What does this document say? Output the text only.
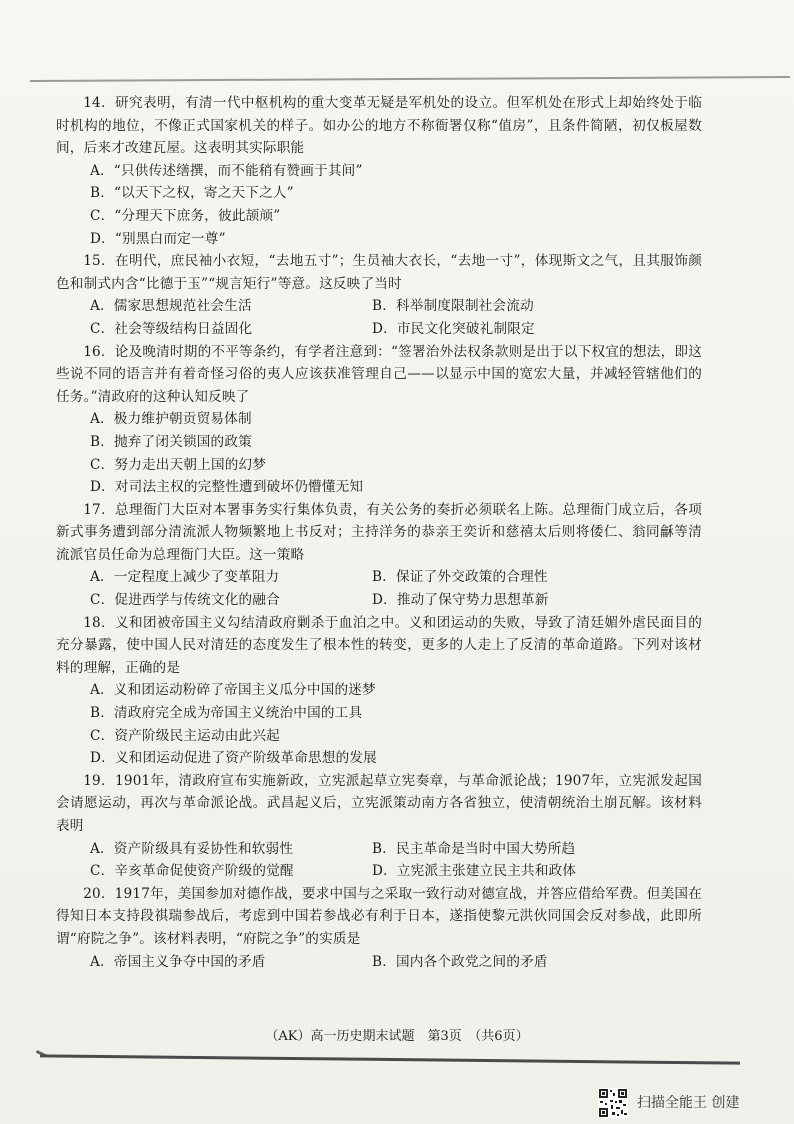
14．研究表明，有清一代中枢机构的重大变革无疑是军机处的设立。但军机处在形式上却始终处于临时机构的地位，不像正式国家机关的样子。如办公的地方不称衙署仅称“值房”，且条件简陋，初仅板屋数间，后来才改建瓦屋。这表明其实际职能
A．“只供传述缮撰，而不能稍有赞画于其间”
B．“以天下之权，寄之天下之人”
C．“分理天下庶务，彼此颉颃”
D．“别黑白而定一尊”
15．在明代，庶民袖小衣短，“去地五寸”；生员袖大衣长，“去地一寸”，体现斯文之气，且其服饰颜色和制式内含“比德于玉”“规言矩行”等意。这反映了当时
A．儒家思想规范社会生活	B．科举制度限制社会流动
C．社会等级结构日益固化	D．市民文化突破礼制限定
16．论及晚清时期的不平等条约，有学者注意到：“签署治外法权条款则是出于以下权宜的想法，即这些说不同的语言并有着奇怪习俗的夷人应该获准管理自己——以显示中国的宽宏大量，并减轻管辖他们的任务。”清政府的这种认知反映了
A．极力维护朝贡贸易体制
B．抛弃了闭关锁国的政策
C．努力走出天朝上国的幻梦
D．对司法主权的完整性遭到破坏仍懵懂无知
17．总理衙门大臣对本署事务实行集体负责，有关公务的奏折必须联名上陈。总理衙门成立后，各项新式事务遭到部分清流派人物频繁地上书反对；主持洋务的恭亲王奕䜣和慈禧太后则将倭仁、翁同龢等清流派官员任命为总理衙门大臣。这一策略
A．一定程度上减少了变革阻力	B．保证了外交政策的合理性
C．促进西学与传统文化的融合	D．推动了保守势力思想革新
18．义和团被帝国主义勾结清政府剿杀于血泊之中。义和团运动的失败，导致了清廷媚外虐民面目的充分暴露，使中国人民对清廷的态度发生了根本性的转变，更多的人走上了反清的革命道路。下列对该材料的理解，正确的是
A．义和团运动粉碎了帝国主义瓜分中国的迷梦
B．清政府完全成为帝国主义统治中国的工具
C．资产阶级民主运动由此兴起
D．义和团运动促进了资产阶级革命思想的发展
19．1901年，清政府宣布实施新政，立宪派起草立宪奏章，与革命派论战；1907年，立宪派发起国会请愿运动，再次与革命派论战。武昌起义后，立宪派策动南方各省独立，使清朝统治土崩瓦解。该材料表明
A．资产阶级具有妥协性和软弱性	B．民主革命是当时中国大势所趋
C．辛亥革命促使资产阶级的觉醒	D．立宪派主张建立民主共和政体
20．1917年，美国参加对德作战，要求中国与之采取一致行动对德宣战，并答应借给军费。但美国在得知日本支持段祺瑞参战后，考虑到中国若参战必有利于日本，遂指使黎元洪伙同国会反对参战，此即所谓“府院之争”。该材料表明，“府院之争”的实质是
A．帝国主义争夺中国的矛盾	B．国内各个政党之间的矛盾
（AK）高一历史期末试题　第3页　（共6页）
扫描全能王 创建
